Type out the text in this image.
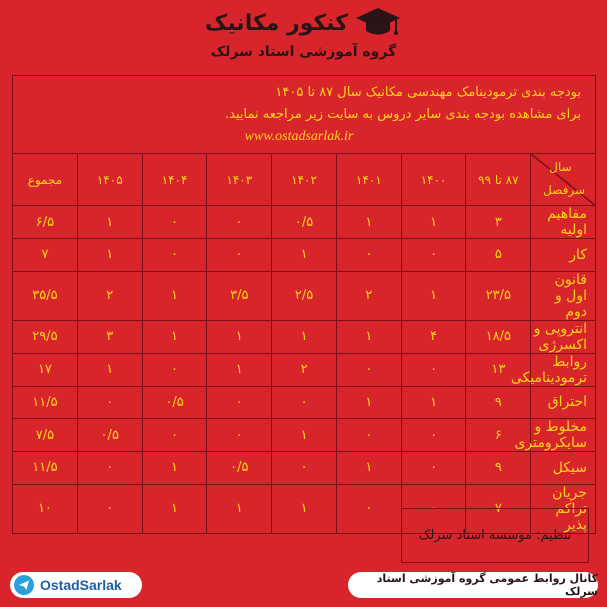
کنکور مکانیک
گروه آموزشی استاد سرلک
بودجه بندی ترمودینامک مهندسی مکانیک سال ۸۷ تا ۱۴۰۵
برای مشاهده بودجه بندی سایر دروس به سایت زیر مراجعه نمایید.
www.ostadsarlak.ir								

سال
سرفصل	۸۷ تا ۹۹	۱۴۰۰	۱۴۰۱	۱۴۰۲	۱۴۰۳	۱۴۰۴	۱۴۰۵	مجموع
مفاهیم اولیه	۳	۱	۱	۰/۵	۰	۰	۱	۶/۵
کار	۵	۰	۰	۱	۰	۰	۱	۷
قانون اول و دوم	۲۳/۵	۱	۲	۲/۵	۳/۵	۱	۲	۳۵/۵
انتروپی و اکسرژی	۱۸/۵	۴	۱	۱	۱	۱	۳	۲۹/۵
روابط ترمودینامیکی	۱۳	۰	۰	۲	۱	۰	۱	۱۷
احتراق	۹	۱	۱	۰	۰	۰/۵	۰	۱۱/۵
مخلوط و سایکرومتری	۶	۰	۰	۱	۰	۰	۰/۵	۷/۵
سیکل	۹	۰	۱	۰	۰/۵	۱	۰	۱۱/۵
جریان تراکم پذیر	۷	۰	۰	۱	۱	۱	۰	۱۰
تنظیم: موسسه استاد سرلک
OstadSarlak	کانال روابط عمومی گروه آموزشی استاد سرلک
